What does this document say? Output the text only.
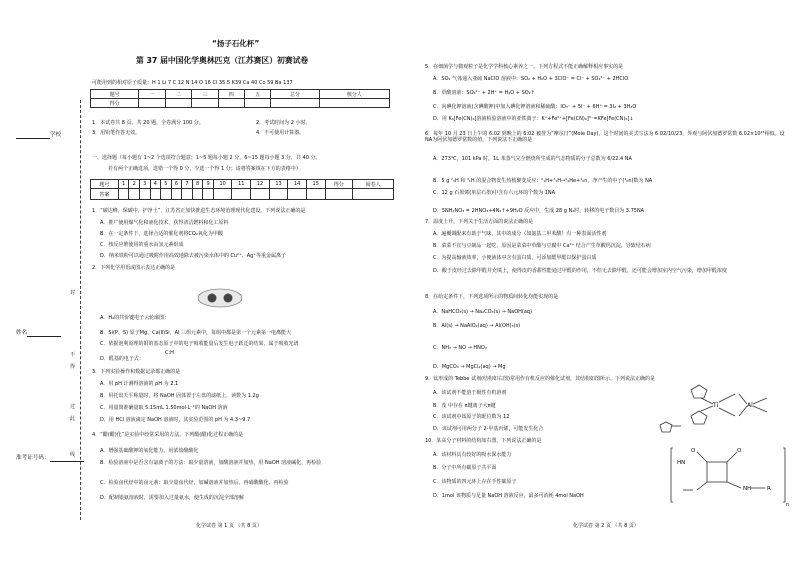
学校
姓名
准考证号码：
封
不
得
过
此
线
“扬子石化杯”
第 37 届中国化学奥林匹克（江苏赛区）初赛试卷
可能用到的相对原子质量：H 1 Li 7 C 12 N 14 O 16 Cl 35.5 K39 Ca 40 Co 59 Ba 137
题号	一	二	三	四	五	总分	核分人
得分							
1．本试卷共 8 页，共 20 题，全卷满分 100 分。	2．考试时间为 2 小时。
3．用铅笔作答无效。	4．不可使用计算器。
一、选择题（每小题有 1~2 个选项符合题意；1~5 题每小题 2 分，6~15 题每小题 3 分，共 40 分。
若有两个正确选项，选错一个得 0 分，少选一个得 1 分；请将答案填在下方的表格中）
题号	1	2	3	4	5	6	7	8	9	10	11	12	13	14	15	得分	阅卷人
答案																	
1．“碳达峰，保碳中，护净土”，江苏省正加快推进生态环境治理现代化建设。下列说法正确的是
A．推广使用煤气化和液化技术，获得清洁燃料和化工原料
B．在一定条件下，选择合适的催化剂将CO₂氧化为甲酸
C．核反应堆使用的重水由氢元素组成
D．纳米铁粉可以通过吸附作用高效地除去被污染水体中的 Cu²⁺、Ag⁺等重金属离子
2．下列化学用语或图示表达正确的是
A．H₂的共价键电子云轮廓图：
B．Si(P、S) 原子Mg、Ca(Ⅱ)Si，Al 三组元素中，每组中都是第一个元素第一电离能大
C．依据泡利原理的钼的基态原子中的电子吸收能量后发生电子跃迁的结果，属于吸收光谱
D．醛基的电子式：
C:H
3．下列实验操作和数据记录都正确的是
A．用 pH 计测得溶液的 pH 为 2.1
B．用托盘天平称量时，将 NaOH 固体置于左盘的滤纸上，读数为 1.2g
C．用量筒准确量取 5.15mL 1.50mol·L⁻¹的 NaOH 溶液
D．用 HCl 溶液滴定 NaOH 溶液时，其实验范围的 pH 为 4.3~9.7
4．“醋(醋)化”是实验中经常采用的方法。下列酯(醋)化过程正确的是
A．增强基础酸钾的氧化能力，用浓盐酸酸化
B．检验溶液中是否含有氯离子的方法：取少量溶液，加酸溶液并加热，用 NaOH 溶液碱化，再检验
C．检验卤代烃中的卤元素：取少量卤代烃，加碱溶液并加热后，再硝酸酸化，再检验
D．配制银氨溶液时，需要加入过量氨水，使生成的沉淀全部溶解
化学试卷 第 1 页 （共 8 页）
5．在细菌学与微观粒子是化学学科核心素养之一。下列方程式不能正确解释相应事实的是
A．SO₂ 气体通入亚硫 NaClO 溶液中：SO₂ + H₂O + 3ClO⁻ = Cl⁻ + SO₄²⁻ + 2HClO
B．草酸溶液：SO₃²⁻ + 2H⁺ = H₂O + SO₂↑
C．向碘化钾溶液(含碘酸钾)中加入碘化钾溶液和稀硫酸：IO₃⁻ + 5I⁻ + 6H⁺ = 3I₂ + 3H₂O
D．用 K₃[Fe(CN)₆]溶液检验溶液中的亚铁离子：K⁺+Fe²⁺+[Fe(CN)₆]³⁻=KFe[Fe(CN)₆]↓
6．每年 10 月 23 日上午的 6:02 到晚上的 6:02 被誉为“摩尔日”(Mole Day)，这个时间的美式写法为 6.02/10/23，外观与阿伏加德罗常数 6.02×10²³相似。设 NA为阿伏加德罗常数的值，下列说法不正确的是
A．273℃，101 kPa 时，1L 苯蒸气完全燃烧所生成的气态物质的分子总数为 6/22.4 NA
B．5 g ²₁H 和 ³₁H 的混合物发生热核聚变反应：²₁H+³₁H→⁴₂He+¹₀n，净产生的中子(¹₀n)数为 NA
C．12 g 石墨烯(单层石墨)中含有六元环的个数为 1NA
D．5NH₄NO₃ = 2HNO₃+4N₂↑+9H₂O 反应中，生成 28 g N₂时，转移的电子数目为 3.75NA
7．温度上升，下列关于生活方面的说法正确的是
A．遍覆调配来有助于气味，其中的成分（如氨基二甲苯酸）有一种表面活性剂
B．菜菜不宜与豆制品一起吃，原因是菜菜中草酸与豆腐中 Ca²⁺ 结合产生草酸钙沉淀，导致结石病
C．为提高输液效率，小便液体中含有蛋白质，可添加醛甲醛以保护蛋白质
D．酸于皮经过去除甲醛并充填上，使得皮的香甜性能通过甲醛的作用，不但无去除甲醛，还可能会增加室内空气污染，增加甲醛浓度
8．在给定条件下，下列选项所示的物质间转化均能实现的是
A．NaHCO₃(s) → Na₂CO₃(s) → NaOH(aq)
B．Al(s) → NaAlO₂(aq) → Al(OH)₃(s)
C．NH₃ → NO → HNO₃
D．MgCO₃ → MgCl₂(aq) → Mg
9．钛形成的 Tebbe 试剂(结构如右图)常用作有机反应的催化试剂，其结构如图所示。下列说法正确的是
A．该试剂不能溶于极性有机溶剂
B．茂 中存在 π键离子大π键
C．该试剂中钛原子的配位数为 12
D．该试剂可用两分子 2-甲基丙烯，可能发生化合
Ti	Al
10．某高分子材料的结构如右图，下列说法正确的是
A．该材料具有较好的吸水保水能力
B．分子中所有碳原子共平面
C．该物质的四元环上存在手性碳原子
D．1mol 该物质与足量 NaOH 溶液反应，最多可消耗 4mol NaOH
HN
O
O
NH	R
n
化学试卷 第 2 页 （共 8 页）
